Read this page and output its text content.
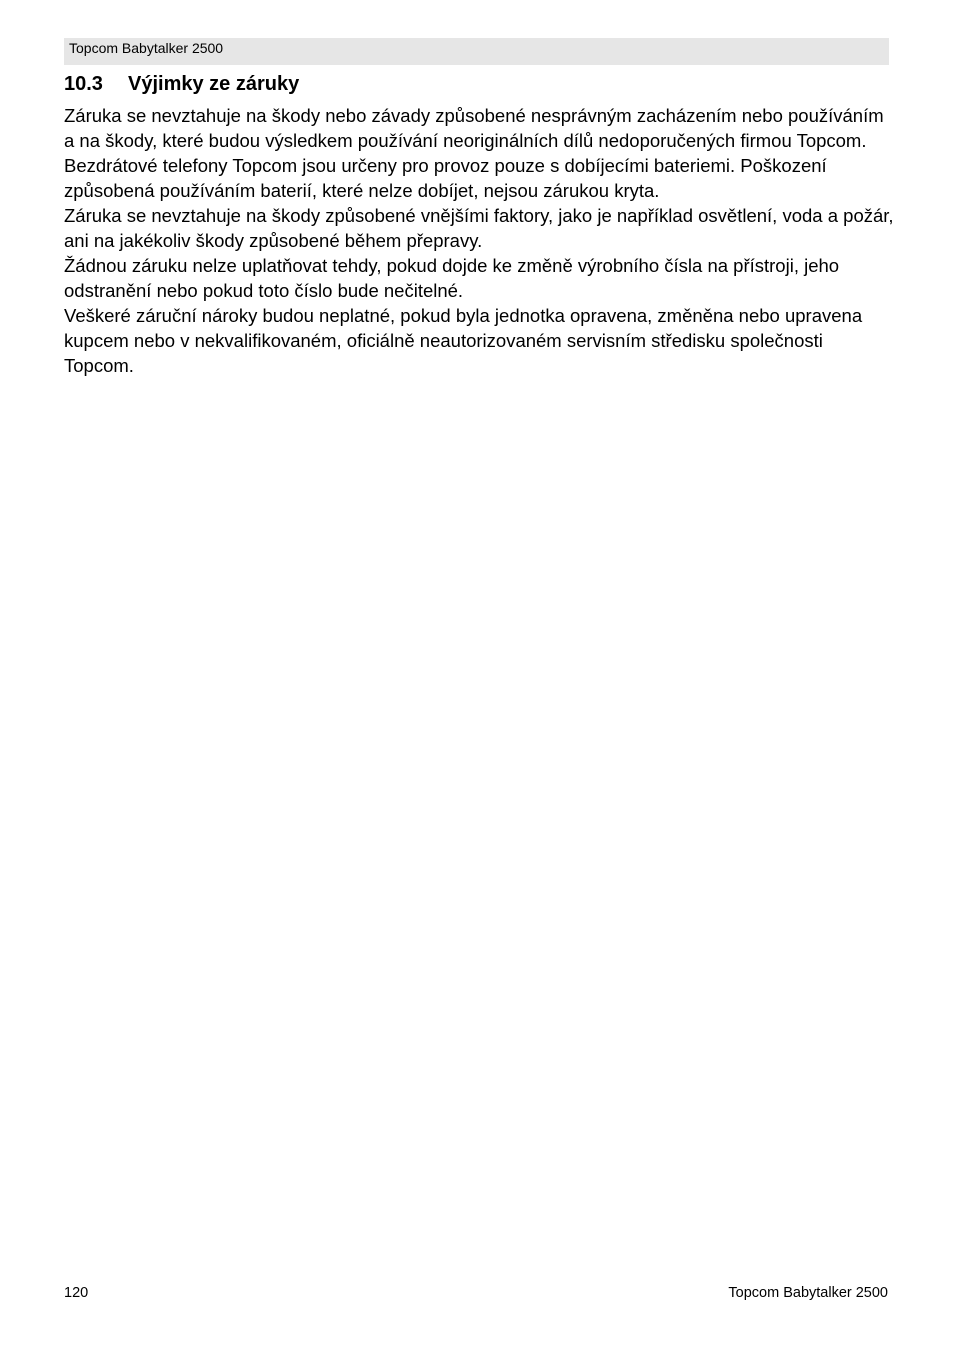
Topcom Babytalker 2500
10.3 Výjimky ze záruky

Záruka se nevztahuje na škody nebo závady způsobené nesprávným zacházením nebo používáním a na škody, které budou výsledkem používání neoriginálních dílů nedoporučených firmou Topcom.

Bezdrátové telefony Topcom jsou určeny pro provoz pouze s dobíjecími bateriemi. Poškození způsobená používáním baterií, které nelze dobíjet, nejsou zárukou kryta.

Záruka se nevztahuje na škody způsobené vnějšími faktory, jako je například osvětlení, voda a požár, ani na jakékoliv škody způsobené během přepravy.

Žádnou záruku nelze uplatňovat tehdy, pokud dojde ke změně výrobního čísla na přístroji, jeho odstranění nebo pokud toto číslo bude nečitelné.

Veškeré záruční nároky budou neplatné, pokud byla jednotka opravena, změněna nebo upravena kupcem nebo v nekvalifikovaném, oficiálně neautorizovaném servisním středisku společnosti Topcom.

120	Topcom Babytalker 2500
